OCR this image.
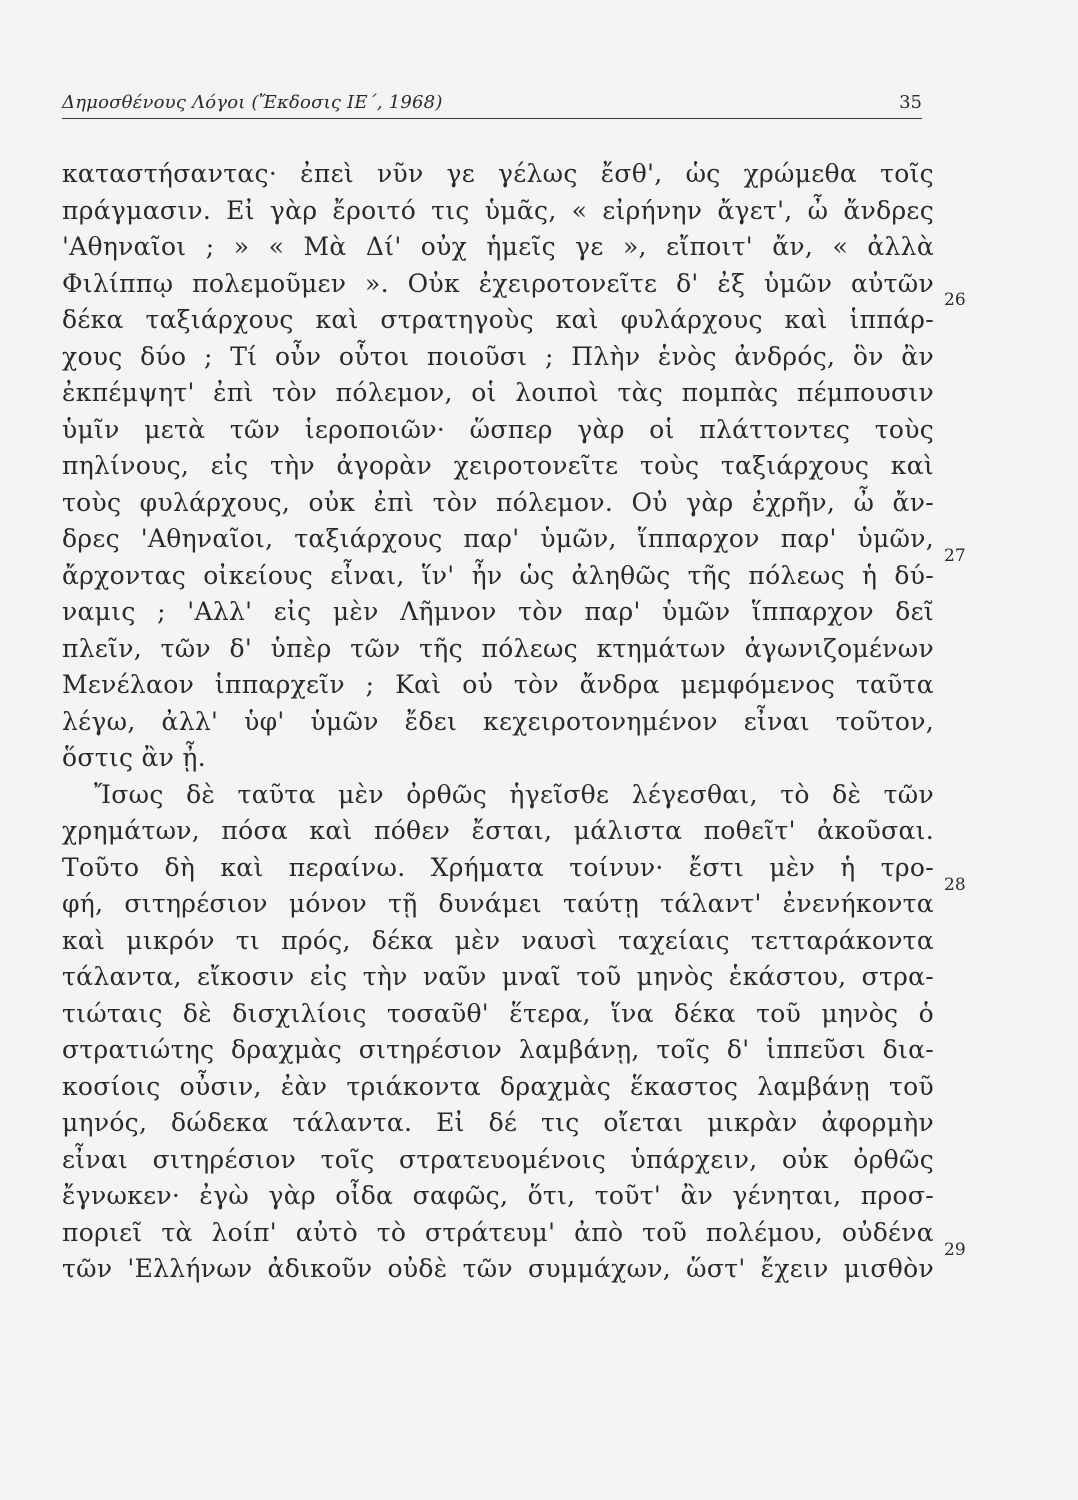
Δημοσθένους Λόγοι (Ἔκδοσις ΙΕ΄, 1968)	35
καταστήσαντας· ἐπεὶ νῦν γε γέλως ἔσθ', ὡς χρώμεθα τοῖς
πράγμασιν. Εἰ γὰρ ἔροιτό τις ὑμᾶς, « εἰρήνην ἄγετ', ὦ ἄνδρες
'Αθηναῖοι ; » « Μὰ Δί' οὐχ ἡμεῖς γε », εἴποιτ' ἄν, « ἀλλὰ
Φιλίππῳ πολεμοῦμεν ». Οὐκ ἐχειροτονεῖτε δ' ἐξ ὑμῶν αὐτῶν
δέκα ταξιάρχους καὶ στρατηγοὺς καὶ φυλάρχους καὶ ἱππάρ-
χους δύο ; Τί οὖν οὗτοι ποιοῦσι ; Πλὴν ἑνὸς ἀνδρός, ὃν ἂν
ἐκπέμψητ' ἐπὶ τὸν πόλεμον, οἱ λοιποὶ τὰς πομπὰς πέμπουσιν
ὑμῖν μετὰ τῶν ἱεροποιῶν· ὥσπερ γὰρ οἱ πλάττοντες τοὺς
πηλίνους, εἰς τὴν ἀγορὰν χειροτονεῖτε τοὺς ταξιάρχους καὶ
τοὺς φυλάρχους, οὐκ ἐπὶ τὸν πόλεμον. Οὐ γὰρ ἐχρῆν, ὦ ἄν-
δρες 'Αθηναῖοι, ταξιάρχους παρ' ὑμῶν, ἵππαρχον παρ' ὑμῶν,
ἄρχοντας οἰκείους εἶναι, ἵν' ἦν ὡς ἀληθῶς τῆς πόλεως ἡ δύ-
ναμις ; 'Αλλ' εἰς μὲν Λῆμνον τὸν παρ' ὑμῶν ἵππαρχον δεῖ
πλεῖν, τῶν δ' ὑπὲρ τῶν τῆς πόλεως κτημάτων ἀγωνιζομένων
Μενέλαον ἱππαρχεῖν ; Καὶ οὐ τὸν ἄνδρα μεμφόμενος ταῦτα
λέγω, ἀλλ' ὑφ' ὑμῶν ἔδει κεχειροτονημένον εἶναι τοῦτον,
ὅστις ἂν ᾖ.
Ἴσως δὲ ταῦτα μὲν ὀρθῶς ἡγεῖσθε λέγεσθαι, τὸ δὲ τῶν
χρημάτων, πόσα καὶ πόθεν ἔσται, μάλιστα ποθεῖτ' ἀκοῦσαι.
Τοῦτο δὴ καὶ περαίνω. Χρήματα τοίνυν· ἔστι μὲν ἡ τρο-
φή, σιτηρέσιον μόνον τῇ δυνάμει ταύτῃ τάλαντ' ἐνενήκοντα
καὶ μικρόν τι πρός, δέκα μὲν ναυσὶ ταχείαις τετταράκοντα
τάλαντα, εἴκοσιν εἰς τὴν ναῦν μναῖ τοῦ μηνὸς ἑκάστου, στρα-
τιώταις δὲ δισχιλίοις τοσαῦθ' ἕτερα, ἵνα δέκα τοῦ μηνὸς ὁ
στρατιώτης δραχμὰς σιτηρέσιον λαμβάνῃ, τοῖς δ' ἱππεῦσι δια-
κοσίοις οὖσιν, ἐὰν τριάκοντα δραχμὰς ἕκαστος λαμβάνῃ τοῦ
μηνός, δώδεκα τάλαντα. Εἰ δέ τις οἴεται μικρὰν ἀφορμὴν
εἶναι σιτηρέσιον τοῖς στρατευομένοις ὑπάρχειν, οὐκ ὀρθῶς
ἔγνωκεν· ἐγὼ γὰρ οἶδα σαφῶς, ὅτι, τοῦτ' ἂν γένηται, προσ-
ποριεῖ τὰ λοίπ' αὐτὸ τὸ στράτευμ' ἀπὸ τοῦ πολέμου, οὐδένα
τῶν 'Ελλήνων ἀδικοῦν οὐδὲ τῶν συμμάχων, ὥστ' ἔχειν μισθὸν
26
27
28
29
